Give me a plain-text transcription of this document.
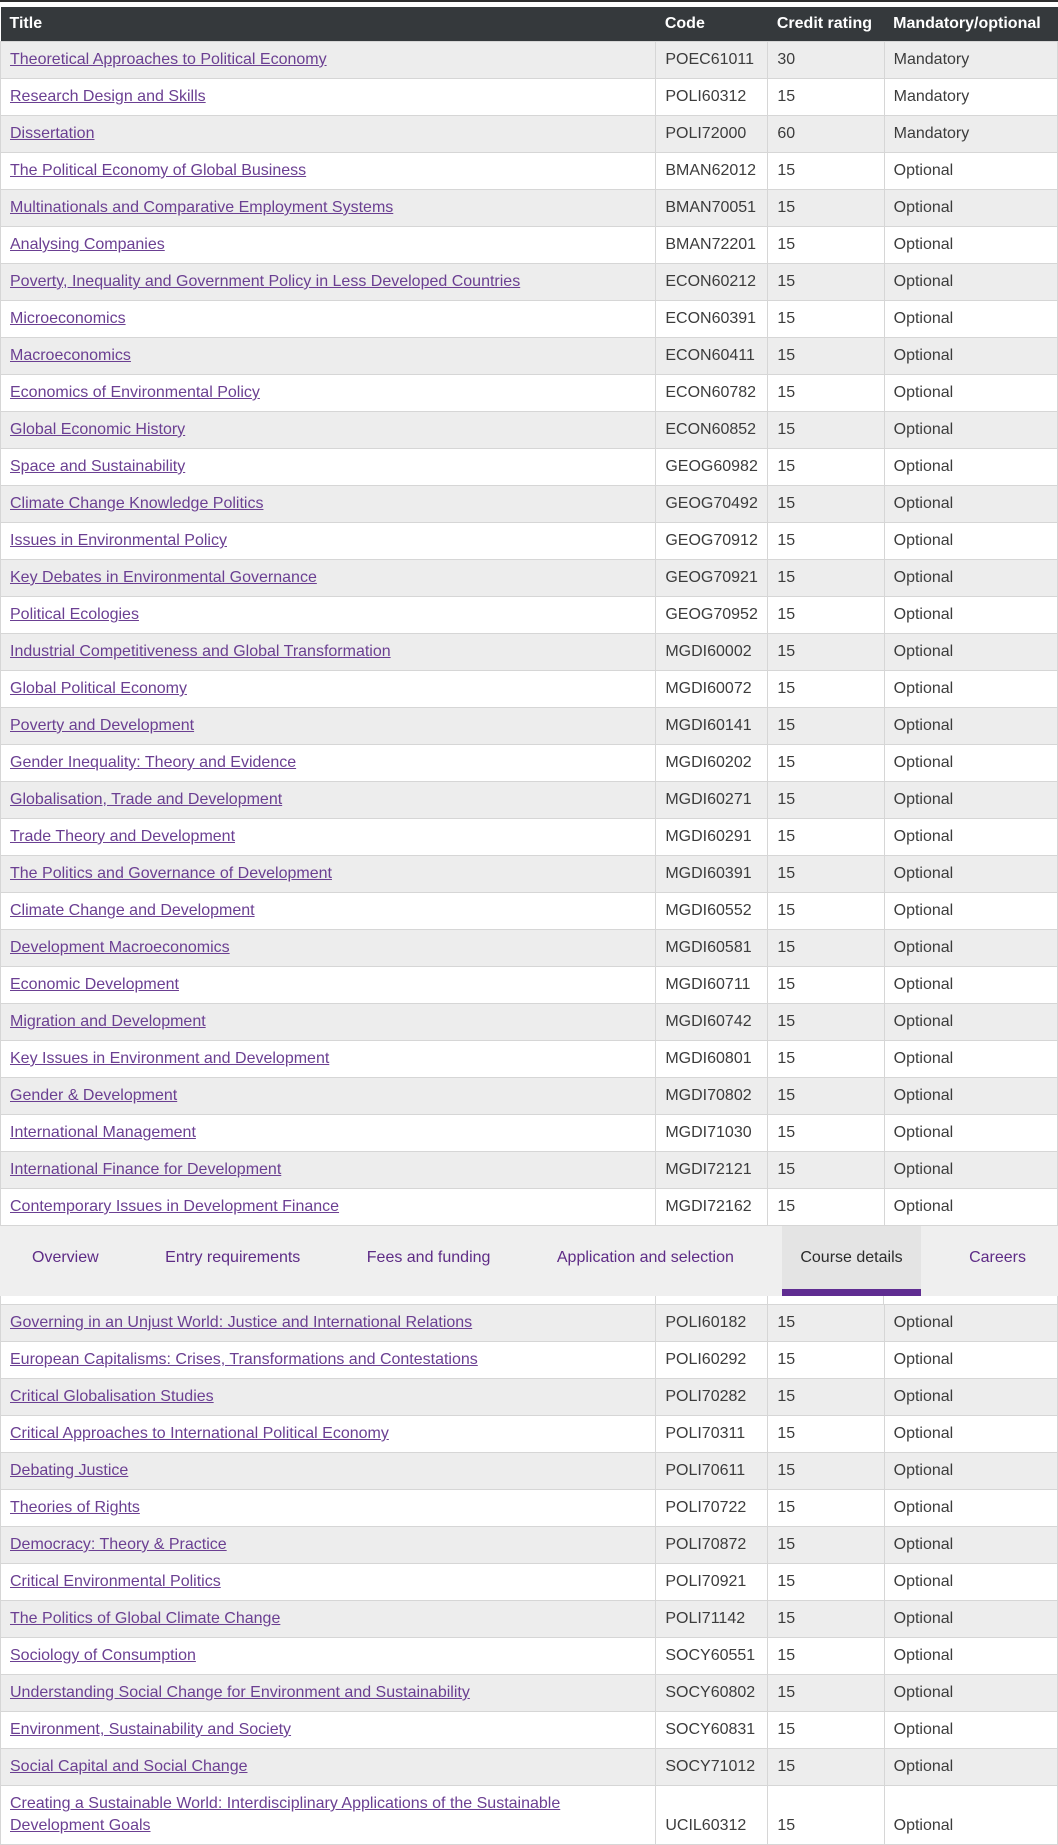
Title	Code	Credit rating	Mandatory/optional
Theoretical Approaches to Political Economy	POEC61011	30	Mandatory
Research Design and Skills	POLI60312	15	Mandatory
Dissertation	POLI72000	60	Mandatory
The Political Economy of Global Business	BMAN62012	15	Optional
Multinationals and Comparative Employment Systems	BMAN70051	15	Optional
Analysing Companies	BMAN72201	15	Optional
Poverty, Inequality and Government Policy in Less Developed Countries	ECON60212	15	Optional
Microeconomics	ECON60391	15	Optional
Macroeconomics	ECON60411	15	Optional
Economics of Environmental Policy	ECON60782	15	Optional
Global Economic History	ECON60852	15	Optional
Space and Sustainability	GEOG60982	15	Optional
Climate Change Knowledge Politics	GEOG70492	15	Optional
Issues in Environmental Policy	GEOG70912	15	Optional
Key Debates in Environmental Governance	GEOG70921	15	Optional
Political Ecologies	GEOG70952	15	Optional
Industrial Competitiveness and Global Transformation	MGDI60002	15	Optional
Global Political Economy	MGDI60072	15	Optional
Poverty and Development	MGDI60141	15	Optional
Gender Inequality: Theory and Evidence	MGDI60202	15	Optional
Globalisation, Trade and Development	MGDI60271	15	Optional
Trade Theory and Development	MGDI60291	15	Optional
The Politics and Governance of Development	MGDI60391	15	Optional
Climate Change and Development	MGDI60552	15	Optional
Development Macroeconomics	MGDI60581	15	Optional
Economic Development	MGDI60711	15	Optional
Migration and Development	MGDI60742	15	Optional
Key Issues in Environment and Development	MGDI60801	15	Optional
Gender & Development	MGDI70802	15	Optional
International Management	MGDI71030	15	Optional
International Finance for Development	MGDI72121	15	Optional
Contemporary Issues in Development Finance	MGDI72162	15	Optional
Overview	Entry requirements	Fees and funding	Application and selection	Course details	Careers
Governing in an Unjust World: Justice and International Relations	POLI60182	15	Optional
European Capitalisms: Crises, Transformations and Contestations	POLI60292	15	Optional
Critical Globalisation Studies	POLI70282	15	Optional
Critical Approaches to International Political Economy	POLI70311	15	Optional
Debating Justice	POLI70611	15	Optional
Theories of Rights	POLI70722	15	Optional
Democracy: Theory & Practice	POLI70872	15	Optional
Critical Environmental Politics	POLI70921	15	Optional
The Politics of Global Climate Change	POLI71142	15	Optional
Sociology of Consumption	SOCY60551	15	Optional
Understanding Social Change for Environment and Sustainability	SOCY60802	15	Optional
Environment, Sustainability and Society	SOCY60831	15	Optional
Social Capital and Social Change	SOCY71012	15	Optional
Creating a Sustainable World: Interdisciplinary Applications of the Sustainable Development Goals	UCIL60312	15	Optional
